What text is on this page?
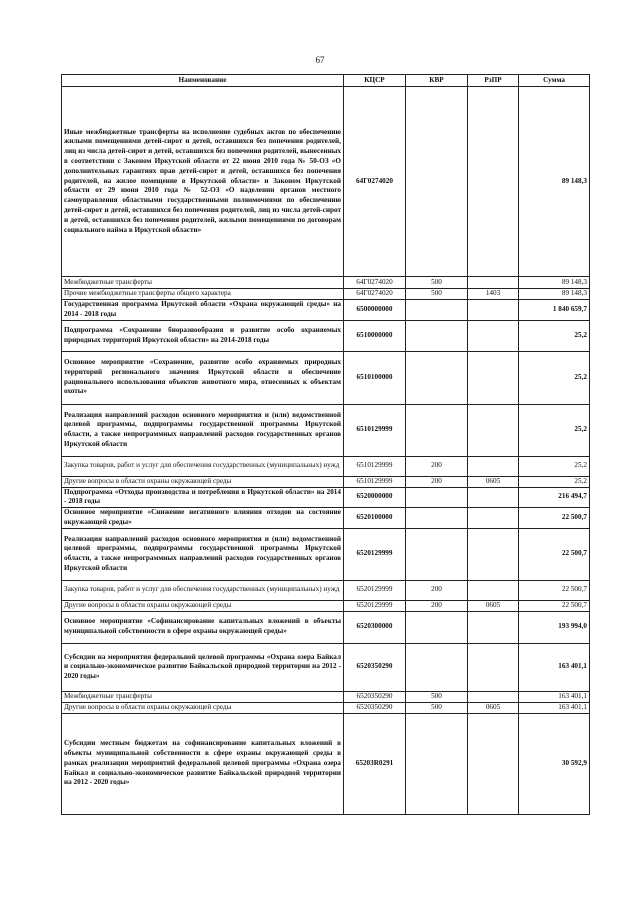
67
Наименование	КЦСР	КВР	РзПР	Сумма
Иные межбюджетные трансферты на исполнение судебных актов по обеспечению жилыми помещениями детей-сирот и детей, оставшихся без попечения родителей, лиц из числа детей-сирот и детей, оставшихся без попечения родителей, вынесенных в соответствии с Законом Иркутской области от 22 июня 2010 года № 50-ОЗ «О дополнительных гарантиях прав детей-сирот и детей, оставшихся без попечения родителей, на жилое помещение в Иркутской области» и Законом Иркутской области от 29 июня 2010 года № 52-ОЗ «О наделении органов местного самоуправления областными государственными полномочиями по обеспечению детей-сирот и детей, оставшихся без попечения родителей, лиц из числа детей-сирот и детей, оставшихся без попечения родителей, жилыми помещениями по договорам социального найма в Иркутской области»	64Г0274020			89 148,3
Межбюджетные трансферты	64Г0274020	500		89 148,3
Прочие межбюджетные трансферты общего характера	64Г0274020	500	1403	89 148,3
Государственная программа Иркутской области «Охрана окружающей среды» на 2014 - 2018 годы	6500000000			1 840 659,7
Подпрограмма «Сохранение биоразнообразия и развитие особо охраняемых природных территорий Иркутской области» на 2014-2018 годы	6510000000			25,2
Основное мероприятие «Сохранение, развитие особо охраняемых природных территорий регионального значения Иркутской области и обеспечение рационального использования объектов животного мира, отнесенных к объектам охоты»	6510100000			25,2
Реализация направлений расходов основного мероприятия и (или) ведомственной целевой программы, подпрограммы государственной программы Иркутской области, а также непрограммных направлений расходов государственных органов Иркутской области	6510129999			25,2
Закупка товаров, работ и услуг для обеспечения государственных (муниципальных) нужд	6510129999	200		25,2
Другие вопросы в области охраны окружающей среды	6510129999	200	0605	25,2
Подпрограмма «Отходы производства и потребления в Иркутской области» на 2014 - 2018 годы	6520000000			216 494,7
Основное мероприятие «Снижение негативного влияния отходов на состояние окружающей среды»	6520100000			22 500,7
Реализация направлений расходов основного мероприятия и (или) ведомственной целевой программы, подпрограммы государственной программы Иркутской области, а также непрограммных направлений расходов государственных органов Иркутской области	6520129999			22 500,7
Закупка товаров, работ и услуг для обеспечения государственных (муниципальных) нужд	6520129999	200		22 500,7
Другие вопросы в области охраны окружающей среды	6520129999	200	0605	22 500,7
Основное мероприятие «Софинансирование капитальных вложений в объекты муниципальной собственности в сфере охраны окружающей среды»	6520300000			193 994,0
Субсидии на мероприятия федеральной целевой программы «Охрана озера Байкал и социально-экономическое развитие Байкальской природной территории на 2012 - 2020 годы»	6520350290			163 401,1
Межбюджетные трансферты	6520350290	500		163 401,1
Другие вопросы в области охраны окружающей среды	6520350290	500	0605	163 401,1
Субсидии местным бюджетам на софинансирование капитальных вложений в объекты муниципальной собственности в сфере охраны окружающей среды в рамках реализации мероприятий федеральной целевой программы «Охрана озера Байкал и социально-экономическое развитие Байкальской природной территории на 2012 - 2020 годы»	65203R0291			30 592,9
